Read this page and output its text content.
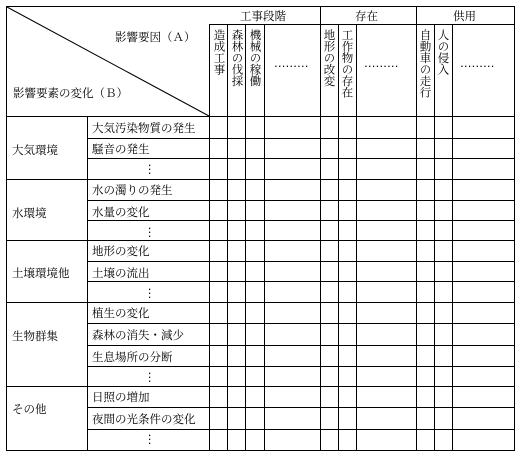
影響要因（Ａ）
影響要素の変化（Ｂ）
工事段階	存在	供用
造成工事 森林の伐採 機械の稼働 ……… 地形の改変 工作物の存在 ……… 自動車の走行 人の侵入 ………
大気環境
水環境
土壌環境他
生物群集
その他
大気汚染物質の発生
騒音の発生
⋮
水の濁りの発生
水量の変化
⋮
地形の変化
土壌の流出
⋮
植生の変化
森林の消失・減少
生息場所の分断
⋮
日照の増加
夜間の光条件の変化
⋮
